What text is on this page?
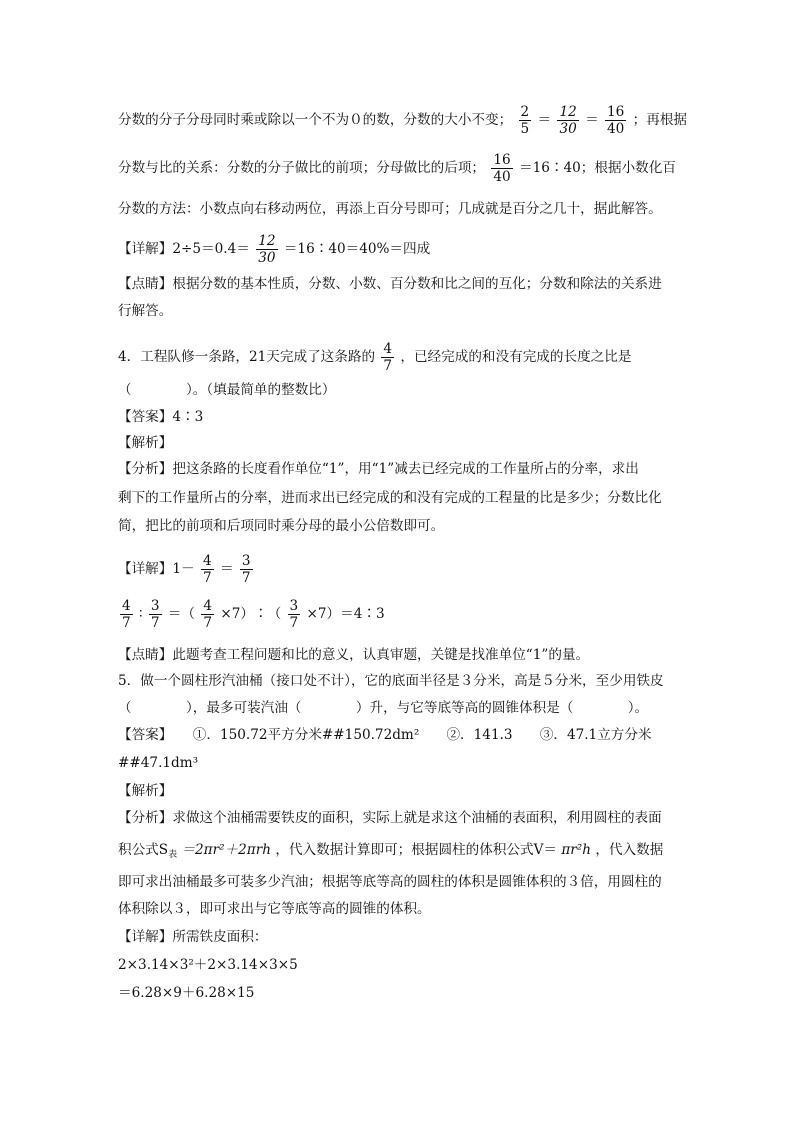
分数的分子分母同时乘或除以一个不为０的数，分数的大小不变； $\frac{2}{5} = \frac{12}{30} = \frac{16}{40}$ ；再根据
分数与比的关系：分数的分子做比的前项；分母做比的后项； $\frac{16}{40}$ ＝16∶40；根据小数化百
分数的方法：小数点向右移动两位，再添上百分号即可；几成就是百分之几十，据此解答。
【详解】$2\div 5=0.4= \frac{12}{30}$ ＝16∶40＝40%＝四成
【点睛】根据分数的基本性质，分数、小数、百分数和比之间的互化；分数和除法的关系进
行解答。
4．工程队修一条路，21天完成了这条路的 $\frac{4}{7}$ ，已经完成的和没有完成的长度之比是
（　　　　）。（填最简单的整数比）
【答案】4∶3
【解析】
【分析】把这条路的长度看作单位“1”，用“1”减去已经完成的工作量所占的分率，求出
剩下的工作量所占的分率，进而求出已经完成的和没有完成的工程量的比是多少；分数比化
简，把比的前项和后项同时乘分母的最小公倍数即可。
【详解】$1- \frac{4}{7} = \frac{3}{7}$
$\frac{4}{7}$ ∶ $\frac{3}{7}$ ＝（ $\frac{4}{7}$ ×7）∶（ $\frac{3}{7}$ ×7）＝4∶3
【点睛】此题考查工程问题和比的意义，认真审题，关键是找准单位“1”的量。
5．做一个圆柱形汽油桶（接口处不计），它的底面半径是３分米，高是５分米，至少用铁皮
（　　　　），最多可装汽油（　　　　）升，与它等底等高的圆锥体积是（　　　　）。
【答案】　　①．150.72平方分米##150.72dm²　　②．141.3　　③．47.1立方分米
##47.1dm³
【解析】
【分析】求做这个油桶需要铁皮的面积，实际上就是求这个油桶的表面积，利用圆柱的表面
积公式S表 ＝2πr²＋2πrh ，代入数据计算即可；根据圆柱的体积公式V＝ πr²h ，代入数据
即可求出油桶最多可装多少汽油；根据等底等高的圆柱的体积是圆锥体积的３倍，用圆柱的
体积除以３，即可求出与它等底等高的圆锥的体积。
【详解】所需铁皮面积：
2×3.14×3²＋2×3.14×3×5
＝6.28×9＋6.28×15
